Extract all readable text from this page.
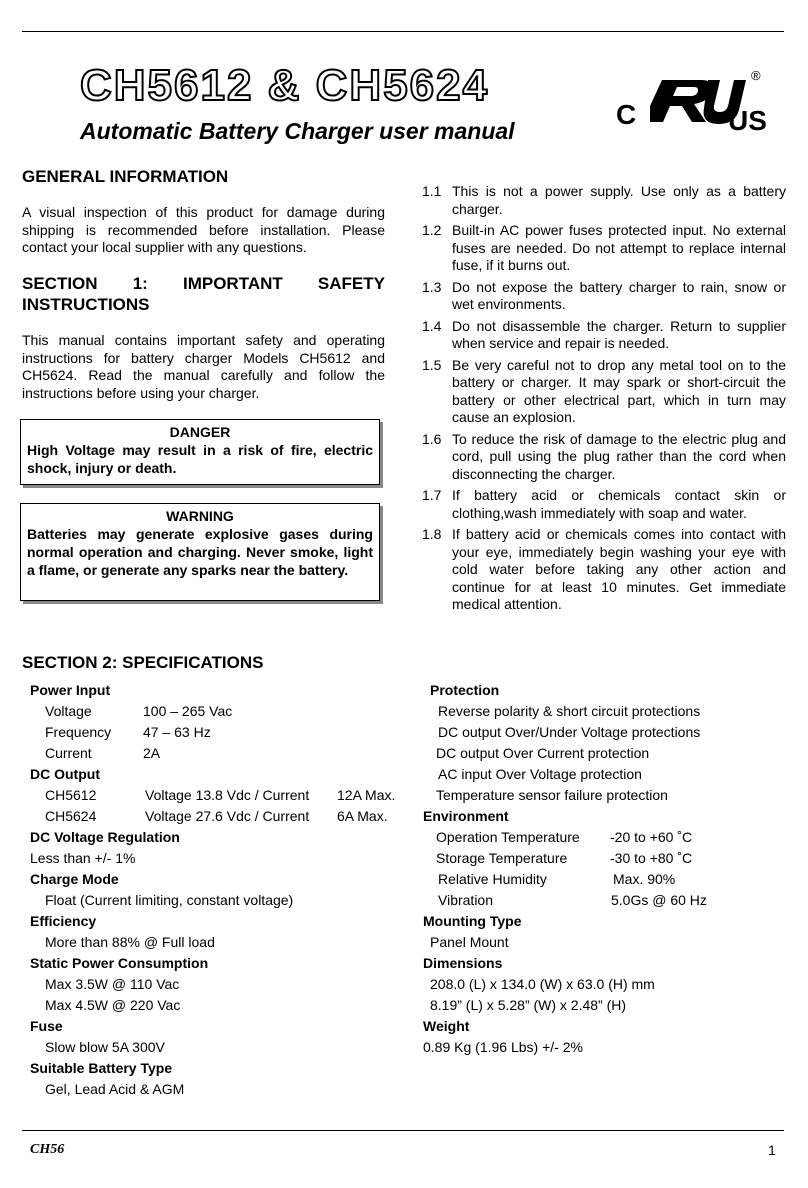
CH5612 & CH5624
Automatic Battery Charger user manual
C	US
®
GENERAL INFORMATION
A visual inspection of this product for damage during shipping is recommended before installation. Please contact your local supplier with any questions.
SECTION 1: IMPORTANT SAFETY
INSTRUCTIONS
This manual contains important safety and operating instructions for battery charger Models CH5612 and CH5624. Read the manual carefully and follow the instructions before using your charger.
DANGER
High Voltage may result in a risk of fire, electric shock, injury or death.
WARNING
Batteries may generate explosive gases during normal operation and charging. Never smoke, light a flame, or generate any sparks near the battery.
1.1 This is not a power supply. Use only as a battery charger.
1.2 Built-in AC power fuses protected input. No external fuses are needed. Do not attempt to replace internal fuse, if it burns out.
1.3 Do not expose the battery charger to rain, snow or wet environments.
1.4 Do not disassemble the charger. Return to supplier when service and repair is needed.
1.5 Be very careful not to drop any metal tool on to the battery or charger. It may spark or short-circuit the battery or other electrical part, which in turn may cause an explosion.
1.6 To reduce the risk of damage to the electric plug and cord, pull using the plug rather than the cord when disconnecting the charger.
1.7 If battery acid or chemicals contact skin or clothing,wash immediately with soap and water.
1.8 If battery acid or chemicals comes into contact with your eye, immediately begin washing your eye with cold water before taking any other action and continue for at least 10 minutes. Get immediate medical attention.
SECTION 2: SPECIFICATIONS
Power Input
Voltage	100 – 265 Vac
Frequency	47 – 63 Hz
Current	2A
DC Output
CH5612	Voltage 13.8 Vdc / Current	12A Max.
CH5624	Voltage 27.6 Vdc / Current	6A Max.
DC Voltage Regulation
Less than +/- 1%
Charge Mode
Float (Current limiting, constant voltage)
Efficiency
More than 88% @ Full load
Static Power Consumption
Max 3.5W @ 110 Vac
Max 4.5W @ 220 Vac
Fuse
Slow blow 5A 300V
Suitable Battery Type
Gel, Lead Acid & AGM
Protection
Reverse polarity & short circuit protections
DC output Over/Under Voltage protections
DC output Over Current protection
AC input Over Voltage protection
Temperature sensor failure protection
Environment
Operation Temperature	-20 to +60 ˚C
Storage Temperature	-30 to +80 ˚C
Relative Humidity	Max. 90%
Vibration	5.0Gs @ 60 Hz
Mounting Type
Panel Mount
Dimensions
208.0 (L) x 134.0 (W) x 63.0 (H) mm
8.19” (L) x 5.28” (W) x 2.48” (H)
Weight
0.89 Kg (1.96 Lbs) +/- 2%
CH56	1
